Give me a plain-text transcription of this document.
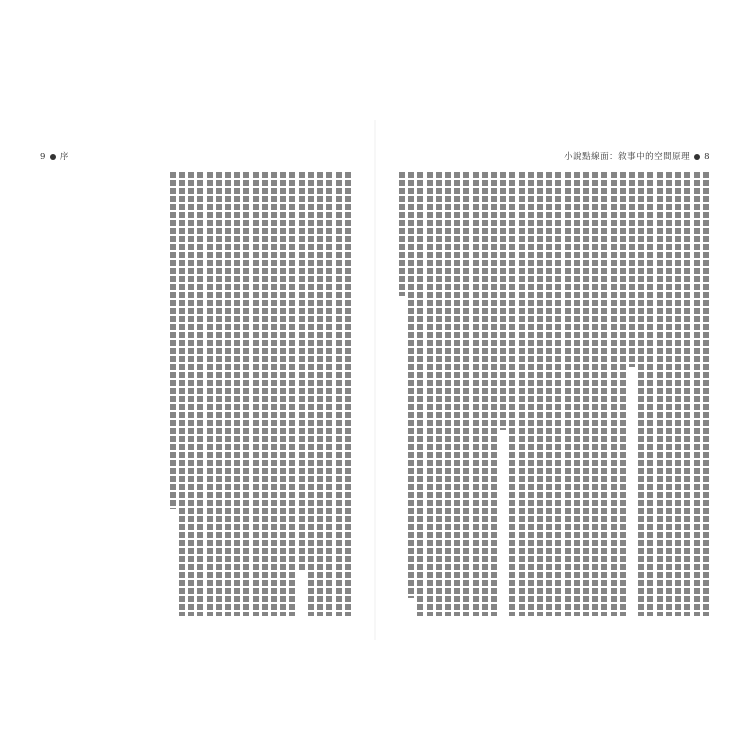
9 序	小說點線面：敘事中的空間原理 8
